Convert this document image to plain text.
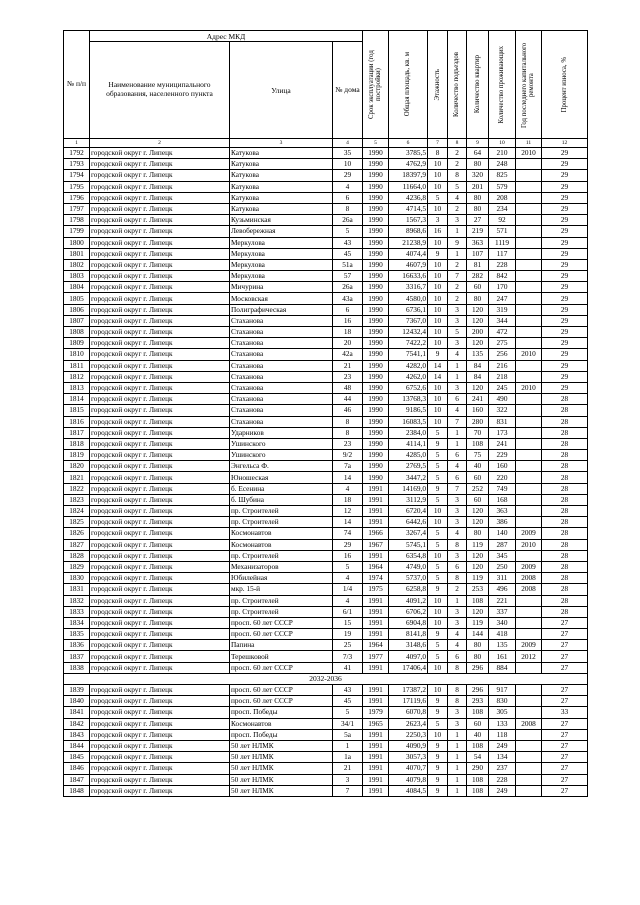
№ п/п	Адрес МКД			Срок эксплуатации (год постройки)	Общая площадь, кв. м	Этажность	Количество подъездов	Количество квартир	Количество проживающих	Год последнего капитального ремонта	Процент износа, %

	Наименование муниципального образования, населенного пункта	Улица	№ дома								
1	2	3	4	5	6	7	8	9	10	11	12
1792	городской округ г. Липецк	Катукова	35	1990	3785,5	8	2	64	210	2010	29
1793	городской округ г. Липецк	Катукова	10	1990	4762,9	10	2	80	248		29
1794	городской округ г. Липецк	Катукова	29	1990	18397,9	10	8	320	825		29
1795	городской округ г. Липецк	Катукова	4	1990	11664,0	10	5	201	579		29
1796	городской округ г. Липецк	Катукова	6	1990	4236,8	5	4	80	208		29
1797	городской округ г. Липецк	Катукова	8	1990	4714,5	10	2	80	234		29
1798	городской округ г. Липецк	Кузьминская	26а	1990	1567,3	3	3	27	92		29
1799	городской округ г. Липецк	Левобережная	5	1990	8968,6	16	1	219	571		29
1800	городской округ г. Липецк	Меркулова	43	1990	21238,9	10	9	363	1119		29
1801	городской округ г. Липецк	Меркулова	45	1990	4074,4	9	1	107	117		29
1802	городской округ г. Липецк	Меркулова	51а	1990	4607,9	10	2	81	228		29
1803	городской округ г. Липецк	Меркулова	57	1990	16633,6	10	7	282	842		29
1804	городской округ г. Липецк	Мичурина	26а	1990	3316,7	10	2	60	170		29
1805	городской округ г. Липецк	Московская	43а	1990	4580,0	10	2	80	247		29
1806	городской округ г. Липецк	Полиграфическая	6	1990	6736,1	10	3	120	319		29
1807	городской округ г. Липецк	Стаханова	16	1990	7367,0	10	3	120	344		29
1808	городской округ г. Липецк	Стаханова	18	1990	12432,4	10	5	200	472		29
1809	городской округ г. Липецк	Стаханова	20	1990	7422,2	10	3	120	275		29
1810	городской округ г. Липецк	Стаханова	42а	1990	7541,1	9	4	135	256	2010	29
1811	городской округ г. Липецк	Стаханова	21	1990	4282,0	14	1	84	216		29
1812	городской округ г. Липецк	Стаханова	23	1990	4262,0	14	1	84	218		29
1813	городской округ г. Липецк	Стаханова	48	1990	6752,6	10	3	120	245	2010	29
1814	городской округ г. Липецк	Стаханова	44	1990	13768,3	10	6	241	490		28
1815	городской округ г. Липецк	Стаханова	46	1990	9186,5	10	4	160	322		28
1816	городской округ г. Липецк	Стаханова	8	1990	16083,5	10	7	280	831		28
1817	городской округ г. Липецк	Ударников	8	1990	2384,0	5	1	70	173		28
1818	городской округ г. Липецк	Ушинского	23	1990	4114,1	9	1	108	241		28
1819	городской округ г. Липецк	Ушинского	9/2	1990	4285,0	5	6	75	229		28
1820	городской округ г. Липецк	Энгельса Ф.	7а	1990	2769,5	5	4	40	160		28
1821	городской округ г. Липецк	Юношеская	14	1990	3447,2	5	6	60	220		28
1822	городской округ г. Липецк	б. Есенина	4	1991	14169,0	9	7	252	749		28
1823	городской округ г. Липецк	б. Шубина	18	1991	3112,9	5	3	60	168		28
1824	городской округ г. Липецк	пр. Строителей	12	1991	6720,4	10	3	120	363		28
1825	городской округ г. Липецк	пр. Строителей	14	1991	6442,6	10	3	120	386		28
1826	городской округ г. Липецк	Космонавтов	74	1966	3267,4	5	4	80	140	2009	28
1827	городской округ г. Липецк	Космонавтов	29	1967	5745,1	5	8	119	287	2010	28
1828	городской округ г. Липецк	пр. Строителей	16	1991	6354,8	10	3	120	345		28
1829	городской округ г. Липецк	Механизаторов	5	1964	4749,0	5	6	120	250	2009	28
1830	городской округ г. Липецк	Юбилейная	4	1974	5737,0	5	8	119	311	2008	28
1831	городской округ г. Липецк	мкр. 15-й	1/4	1975	6258,8	9	2	253	496	2008	28
1832	городской округ г. Липецк	пр. Строителей	4	1991	4091,2	10	1	108	221		28
1833	городской округ г. Липецк	пр. Строителей	6/1	1991	6706,2	10	3	120	337		28
1834	городской округ г. Липецк	просп. 60 лет СССР	15	1991	6904,8	10	3	119	340		27
1835	городской округ г. Липецк	просп. 60 лет СССР	19	1991	8141,8	9	4	144	418		27
1836	городской округ г. Липецк	Папина	25	1964	3148,6	5	4	80	135	2009	27
1837	городской округ г. Липецк	Терешковой	7/3	1977	4097,0	5	6	80	161	2012	27
1838	городской округ г. Липецк	просп. 60 лет СССР	41	1991	17406,4	10	8	296	884		27
2032-2036											
1839	городской округ г. Липецк	просп. 60 лет СССР	43	1991	17387,2	10	8	296	917		27
1840	городской округ г. Липецк	просп. 60 лет СССР	45	1991	17119,6	9	8	293	830		27
1841	городской округ г. Липецк	просп. Победы	5	1979	6070,8	9	3	108	305		33
1842	городской округ г. Липецк	Космонавтов	34/1	1965	2623,4	5	3	60	133	2008	27
1843	городской округ г. Липецк	просп. Победы	5а	1991	2250,3	10	1	40	118		27
1844	городской округ г. Липецк	50 лет НЛМК	1	1991	4090,9	9	1	108	249		27
1845	городской округ г. Липецк	50 лет НЛМК	1а	1991	3057,3	9	1	54	134		27
1846	городской округ г. Липецк	50 лет НЛМК	21	1991	4070,7	9	1	290	237		27
1847	городской округ г. Липецк	50 лет НЛМК	3	1991	4079,8	9	1	108	228		27
1848	городской округ г. Липецк	50 лет НЛМК	7	1991	4084,5	9	1	108	249		27
